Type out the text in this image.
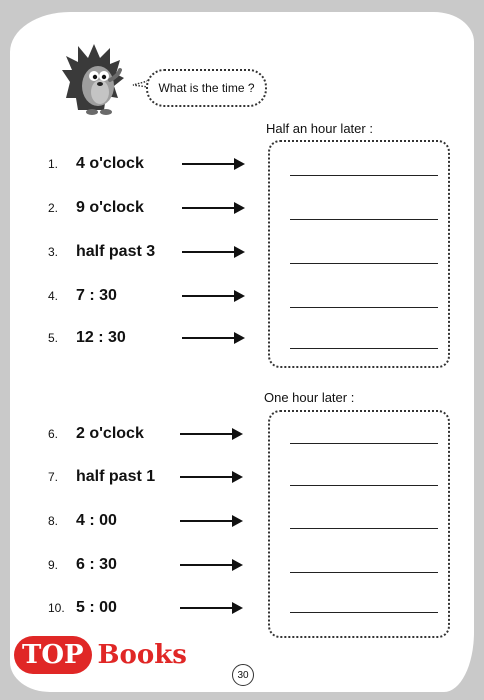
What is the time ?
Half an hour later :
One hour later :
1.	4 o'clock
2.	9 o'clock
3.	half past 3
4.	7 : 30
5.	12 : 30
6.	2 o'clock
7.	half past 1
8.	4 : 00
9.	6 : 30
10. 5 : 00
30
TOP Books
